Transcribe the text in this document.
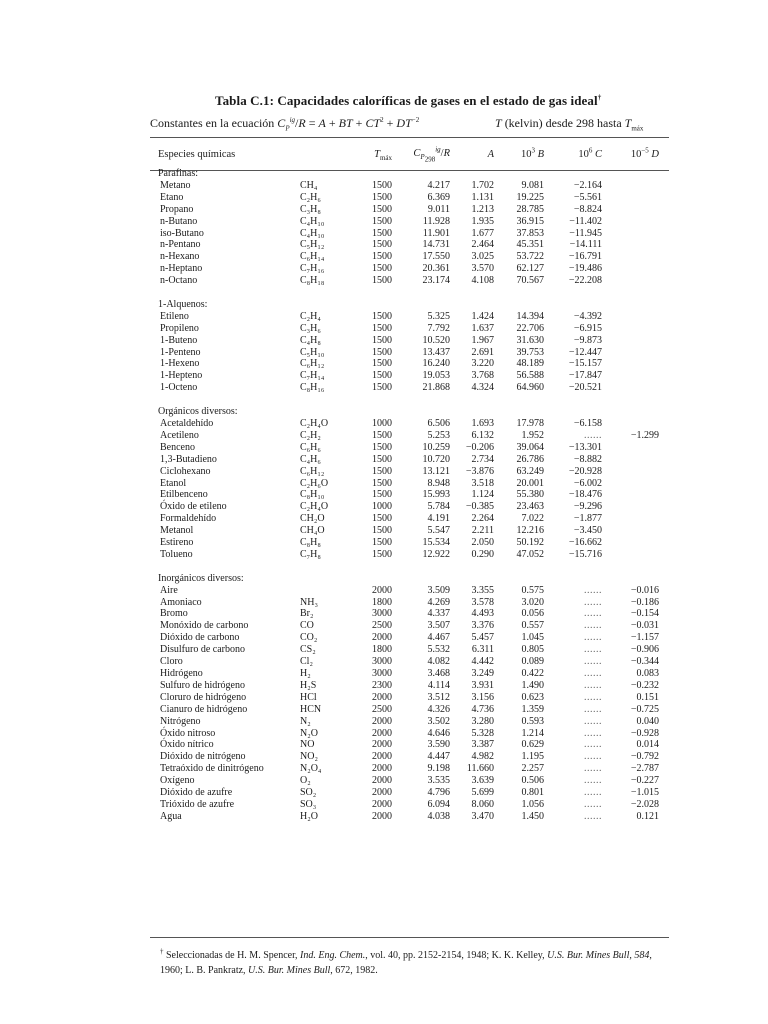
Tabla C.1: Capacidades caloríficas de gases en el estado de gas ideal†
Constantes en la ecuación $C_P^{ig}/R = A$ + BT + $CT^2 + DT^{-2}$	T (kelvin) desde 298 hasta $T_{máx}$
Especies químicas		$T_{máx}$	$C_{P_{298}}^{ig}/R$	A	$10^3$ B	$10^6$ C	$10^{-5}$ D
Parafinas:							
Metano	CH₄	1500	4.217	1.702	9.081	−2.164	
Etano	C₂H₆	1500	6.369	1.131	19.225	−5.561	
Propano	C₃H₈	1500	9.011	1.213	28.785	−8.824	
n-Butano	C₄H₁₀	1500	11.928	1.935	36.915	−11.402	
iso-Butano	C₄H₁₀	1500	11.901	1.677	37.853	−11.945	
n-Pentano	C₅H₁₂	1500	14.731	2.464	45.351	−14.111	
n-Hexano	C₆H₁₄	1500	17.550	3.025	53.722	−16.791	
n-Heptano	C₇H₁₆	1500	20.361	3.570	62.127	−19.486	
n-Octano	C₈H₁₈	1500	23.174	4.108	70.567	−22.208	

1-Alquenos:							
Etileno	C₂H₄	1500	5.325	1.424	14.394	−4.392	
Propileno	C₃H₆	1500	7.792	1.637	22.706	−6.915	
1-Buteno	C₄H₈	1500	10.520	1.967	31.630	−9.873	
1-Penteno	C₅H₁₀	1500	13.437	2.691	39.753	−12.447	
1-Hexeno	C₆H₁₂	1500	16.240	3.220	48.189	−15.157	
1-Hepteno	C₇H₁₄	1500	19.053	3.768	56.588	−17.847	
1-Octeno	C₈H₁₆	1500	21.868	4.324	64.960	−20.521	

Orgánicos diversos:							
Acetaldehído	C₂H₄O	1000	6.506	1.693	17.978	−6.158	
Acetileno	C₂H₂	1500	5.253	6.132	1.952	......	−1.299
Benceno	C₆H₆	1500	10.259	−0.206	39.064	−13.301	
1,3-Butadieno	C₄H₆	1500	10.720	2.734	26.786	−8.882	
Ciclohexano	C₆H₁₂	1500	13.121	−3.876	63.249	−20.928	
Etanol	C₂H₆O	1500	8.948	3.518	20.001	−6.002	
Etilbenceno	C₈H₁₀	1500	15.993	1.124	55.380	−18.476	
Óxido de etileno	C₂H₄O	1000	5.784	−0.385	23.463	−9.296	
Formaldehído	CH₂O	1500	4.191	2.264	7.022	−1.877	
Metanol	CH₄O	1500	5.547	2.211	12.216	−3.450	
Estireno	C₈H₈	1500	15.534	2.050	50.192	−16.662	
Tolueno	C₇H₈	1500	12.922	0.290	47.052	−15.716	

Inorgánicos diversos:							
Aire		2000	3.509	3.355	0.575	......	−0.016
Amoniaco	NH₃	1800	4.269	3.578	3.020	......	−0.186
Bromo	Br₂	3000	4.337	4.493	0.056	......	−0.154
Monóxido de carbono	CO	2500	3.507	3.376	0.557	......	−0.031
Dióxido de carbono	CO₂	2000	4.467	5.457	1.045	......	−1.157
Disulfuro de carbono	CS₂	1800	5.532	6.311	0.805	......	−0.906
Cloro	Cl₂	3000	4.082	4.442	0.089	......	−0.344
Hidrógeno	H₂	3000	3.468	3.249	0.422	......	0.083
Sulfuro de hidrógeno	H₂S	2300	4.114	3.931	1.490	......	−0.232
Cloruro de hidrógeno	HCl	2000	3.512	3.156	0.623	......	0.151
Cianuro de hidrógeno	HCN	2500	4.326	4.736	1.359	......	−0.725
Nitrógeno	N₂	2000	3.502	3.280	0.593	......	0.040
Óxido nitroso	N₂O	2000	4.646	5.328	1.214	......	−0.928
Óxido nítrico	NO	2000	3.590	3.387	0.629	......	0.014
Dióxido de nitrógeno	NO₂	2000	4.447	4.982	1.195	......	−0.792
Tetraóxido de dinitrógeno	N₂O₄	2000	9.198	11.660	2.257	......	−2.787
Oxígeno	O₂	2000	3.535	3.639	0.506	......	−0.227
Dióxido de azufre	SO₂	2000	4.796	5.699	0.801	......	−1.015
Trióxido de azufre	SO₃	2000	6.094	8.060	1.056	......	−2.028
Agua	H₂O	2000	4.038	3.470	1.450	......	0.121
† Seleccionadas de H. M. Spencer, Ind. Eng. Chem., vol. 40, pp. 2152-2154, 1948; K. K. Kelley, U.S. Bur. Mines Bull, 584, 1960; L. B. Pankratz, U.S. Bur. Mines Bull, 672, 1982.
